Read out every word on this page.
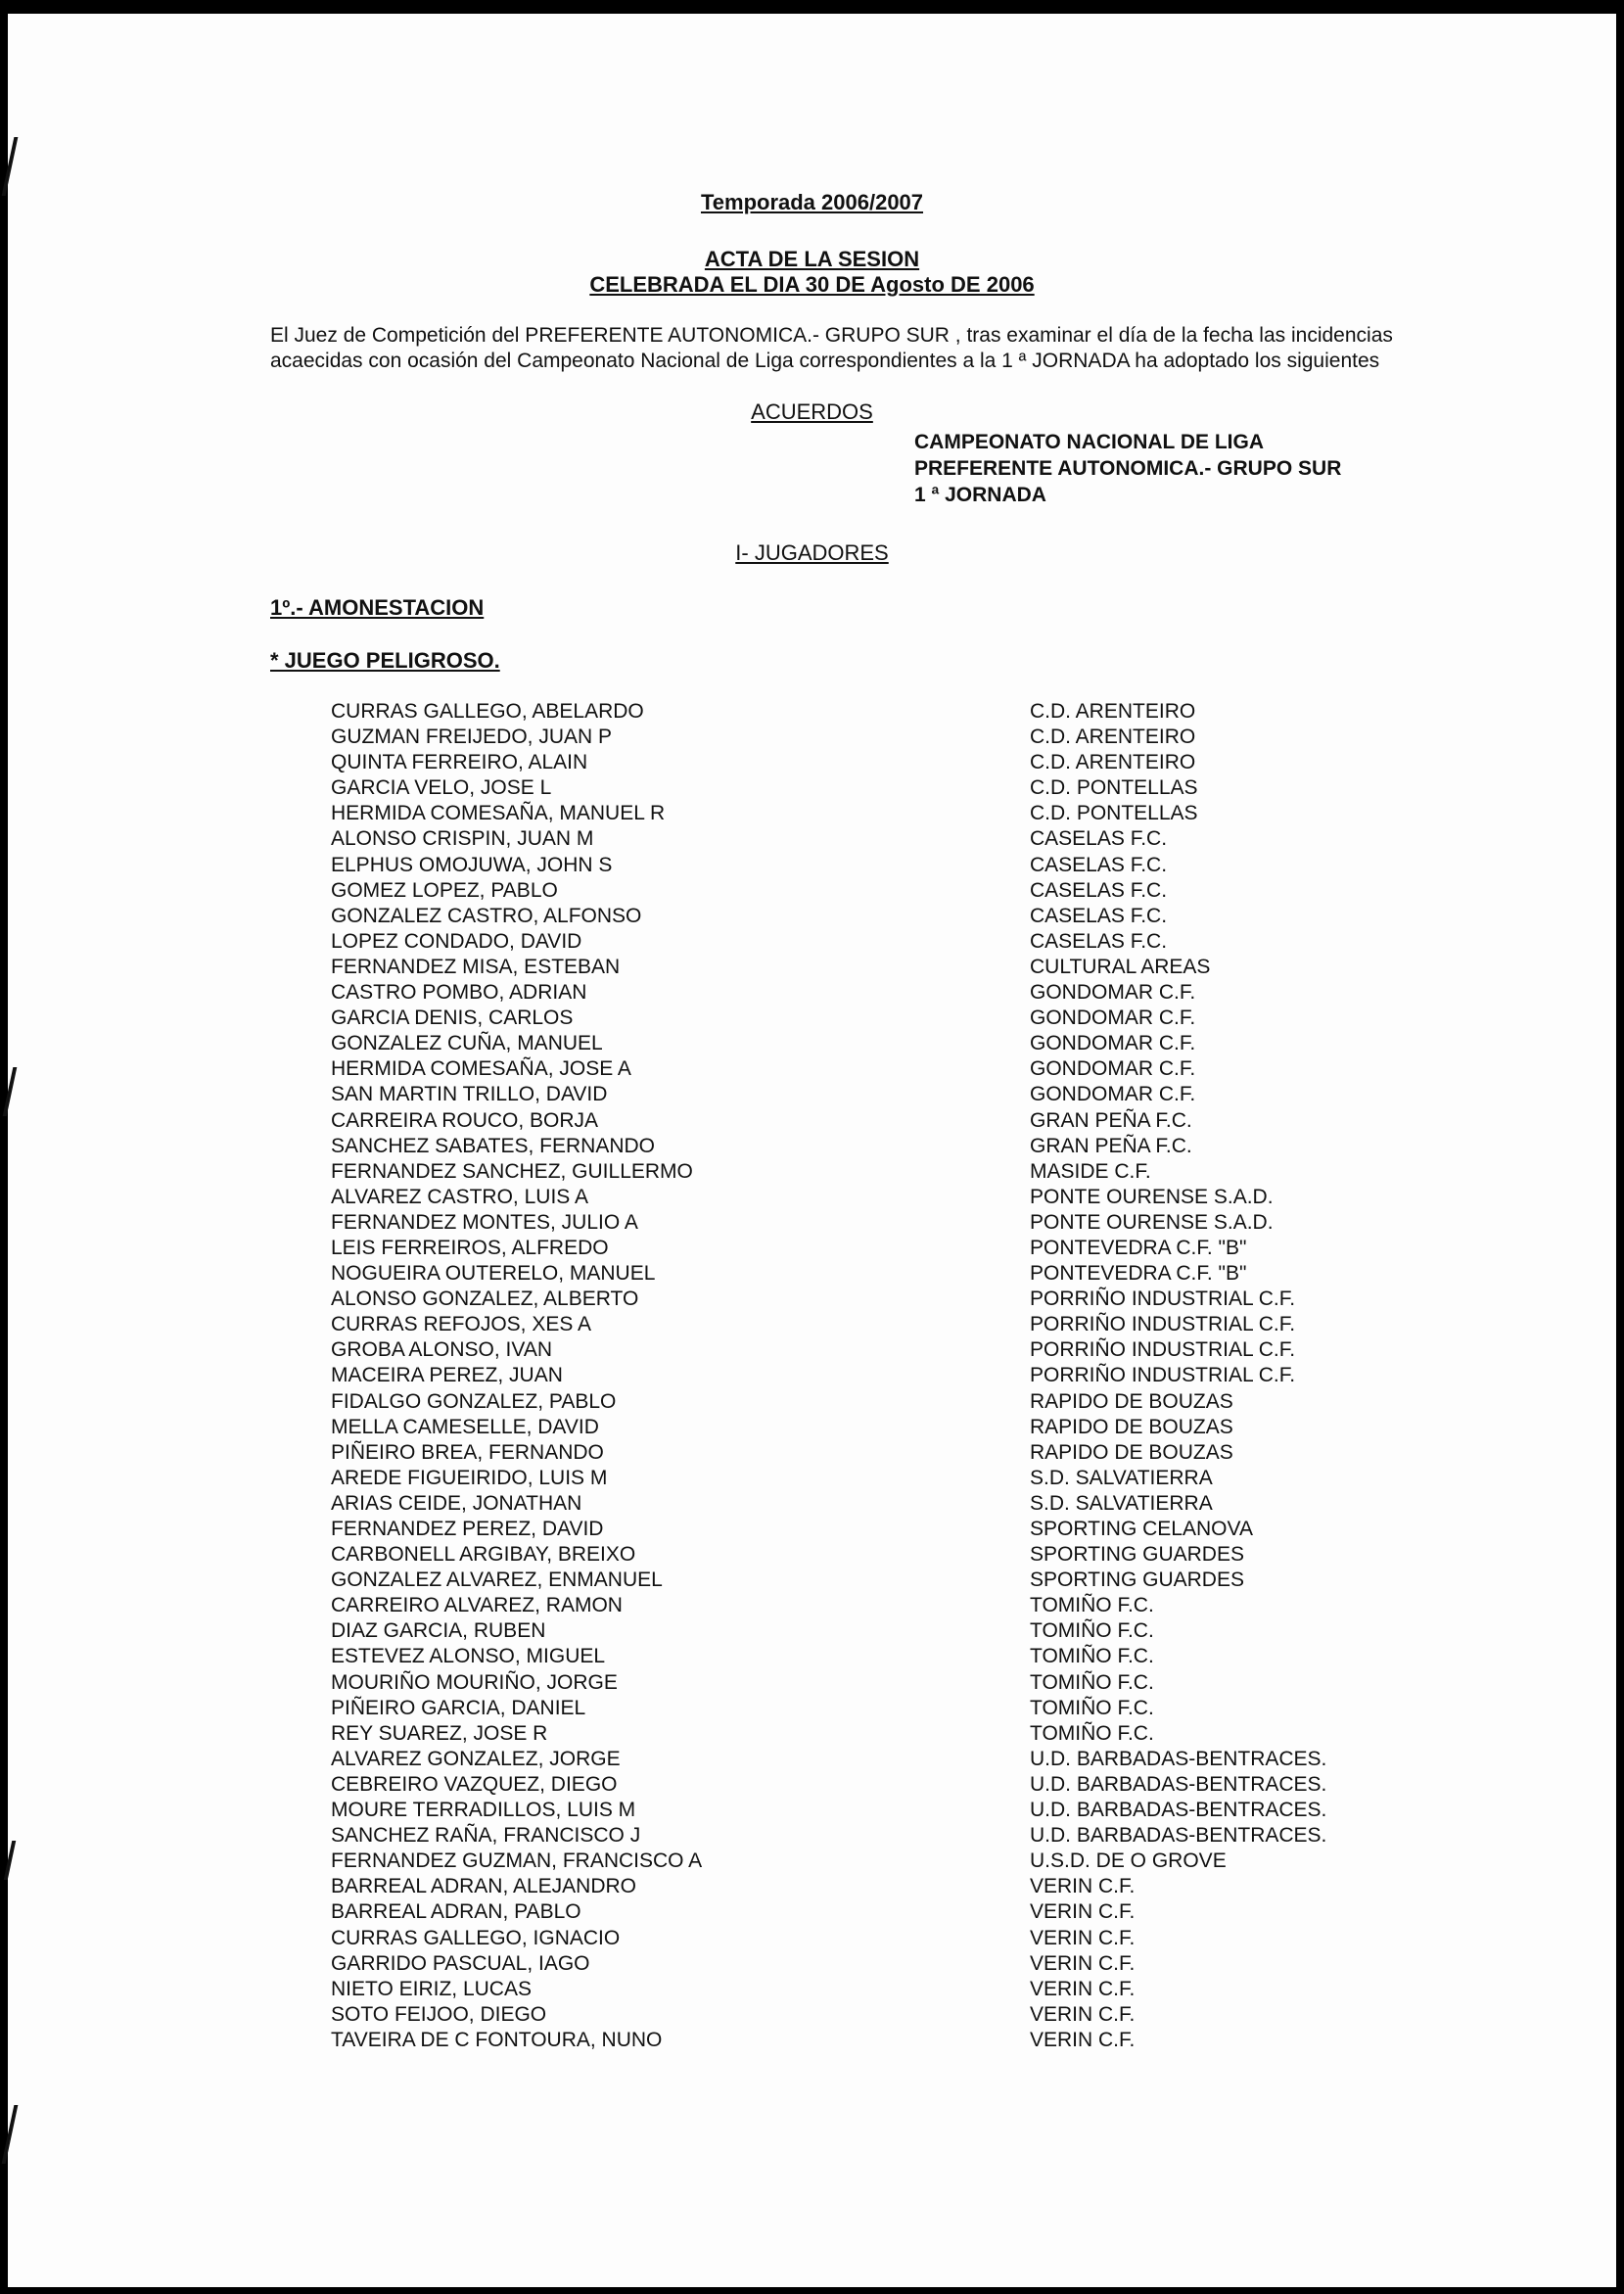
Temporada 2006/2007
ACTA DE LA SESION
CELEBRADA EL DIA 30 DE Agosto DE 2006
El Juez de Competición del PREFERENTE AUTONOMICA.- GRUPO SUR , tras examinar el día de la fecha las incidencias
acaecidas con ocasión del Campeonato Nacional de Liga correspondientes a la 1 ª JORNADA ha adoptado los siguientes
ACUERDOS
CAMPEONATO NACIONAL DE LIGA
PREFERENTE AUTONOMICA.- GRUPO SUR
1 ª JORNADA
I- JUGADORES
1º.- AMONESTACION
* JUEGO PELIGROSO.
CURRAS GALLEGO, ABELARDO	C.D. ARENTEIRO
GUZMAN FREIJEDO, JUAN P	C.D. ARENTEIRO
QUINTA FERREIRO, ALAIN	C.D. ARENTEIRO
GARCIA VELO, JOSE L	C.D. PONTELLAS
HERMIDA COMESAÑA, MANUEL R	C.D. PONTELLAS
ALONSO CRISPIN, JUAN M	CASELAS F.C.
ELPHUS OMOJUWA, JOHN S	CASELAS F.C.
GOMEZ LOPEZ, PABLO	CASELAS F.C.
GONZALEZ CASTRO, ALFONSO	CASELAS F.C.
LOPEZ CONDADO, DAVID	CASELAS F.C.
FERNANDEZ MISA, ESTEBAN	CULTURAL AREAS
CASTRO POMBO, ADRIAN	GONDOMAR C.F.
GARCIA DENIS, CARLOS	GONDOMAR C.F.
GONZALEZ CUÑA, MANUEL	GONDOMAR C.F.
HERMIDA COMESAÑA, JOSE A	GONDOMAR C.F.
SAN MARTIN TRILLO, DAVID	GONDOMAR C.F.
CARREIRA ROUCO, BORJA	GRAN PEÑA F.C.
SANCHEZ SABATES, FERNANDO	GRAN PEÑA F.C.
FERNANDEZ SANCHEZ, GUILLERMO	MASIDE C.F.
ALVAREZ CASTRO, LUIS A	PONTE OURENSE S.A.D.
FERNANDEZ MONTES, JULIO A	PONTE OURENSE S.A.D.
LEIS FERREIROS, ALFREDO	PONTEVEDRA C.F. "B"
NOGUEIRA OUTERELO, MANUEL	PONTEVEDRA C.F. "B"
ALONSO GONZALEZ, ALBERTO	PORRIÑO INDUSTRIAL C.F.
CURRAS REFOJOS, XES A	PORRIÑO INDUSTRIAL C.F.
GROBA ALONSO, IVAN	PORRIÑO INDUSTRIAL C.F.
MACEIRA PEREZ, JUAN	PORRIÑO INDUSTRIAL C.F.
FIDALGO GONZALEZ, PABLO	RAPIDO DE BOUZAS
MELLA CAMESELLE, DAVID	RAPIDO DE BOUZAS
PIÑEIRO BREA, FERNANDO	RAPIDO DE BOUZAS
AREDE FIGUEIRIDO, LUIS M	S.D. SALVATIERRA
ARIAS CEIDE, JONATHAN	S.D. SALVATIERRA
FERNANDEZ PEREZ, DAVID	SPORTING CELANOVA
CARBONELL ARGIBAY, BREIXO	SPORTING GUARDES
GONZALEZ ALVAREZ, ENMANUEL	SPORTING GUARDES
CARREIRO ALVAREZ, RAMON	TOMIÑO F.C.
DIAZ GARCIA, RUBEN	TOMIÑO F.C.
ESTEVEZ ALONSO, MIGUEL	TOMIÑO F.C.
MOURIÑO MOURIÑO, JORGE	TOMIÑO F.C.
PIÑEIRO GARCIA, DANIEL	TOMIÑO F.C.
REY SUAREZ, JOSE R	TOMIÑO F.C.
ALVAREZ GONZALEZ, JORGE	U.D. BARBADAS-BENTRACES.
CEBREIRO VAZQUEZ, DIEGO	U.D. BARBADAS-BENTRACES.
MOURE TERRADILLOS, LUIS M	U.D. BARBADAS-BENTRACES.
SANCHEZ RAÑA, FRANCISCO J	U.D. BARBADAS-BENTRACES.
FERNANDEZ GUZMAN, FRANCISCO A	U.S.D. DE O GROVE
BARREAL ADRAN, ALEJANDRO	VERIN C.F.
BARREAL ADRAN, PABLO	VERIN C.F.
CURRAS GALLEGO, IGNACIO	VERIN C.F.
GARRIDO PASCUAL, IAGO	VERIN C.F.
NIETO EIRIZ, LUCAS	VERIN C.F.
SOTO FEIJOO, DIEGO	VERIN C.F.
TAVEIRA DE C FONTOURA, NUNO	VERIN C.F.
